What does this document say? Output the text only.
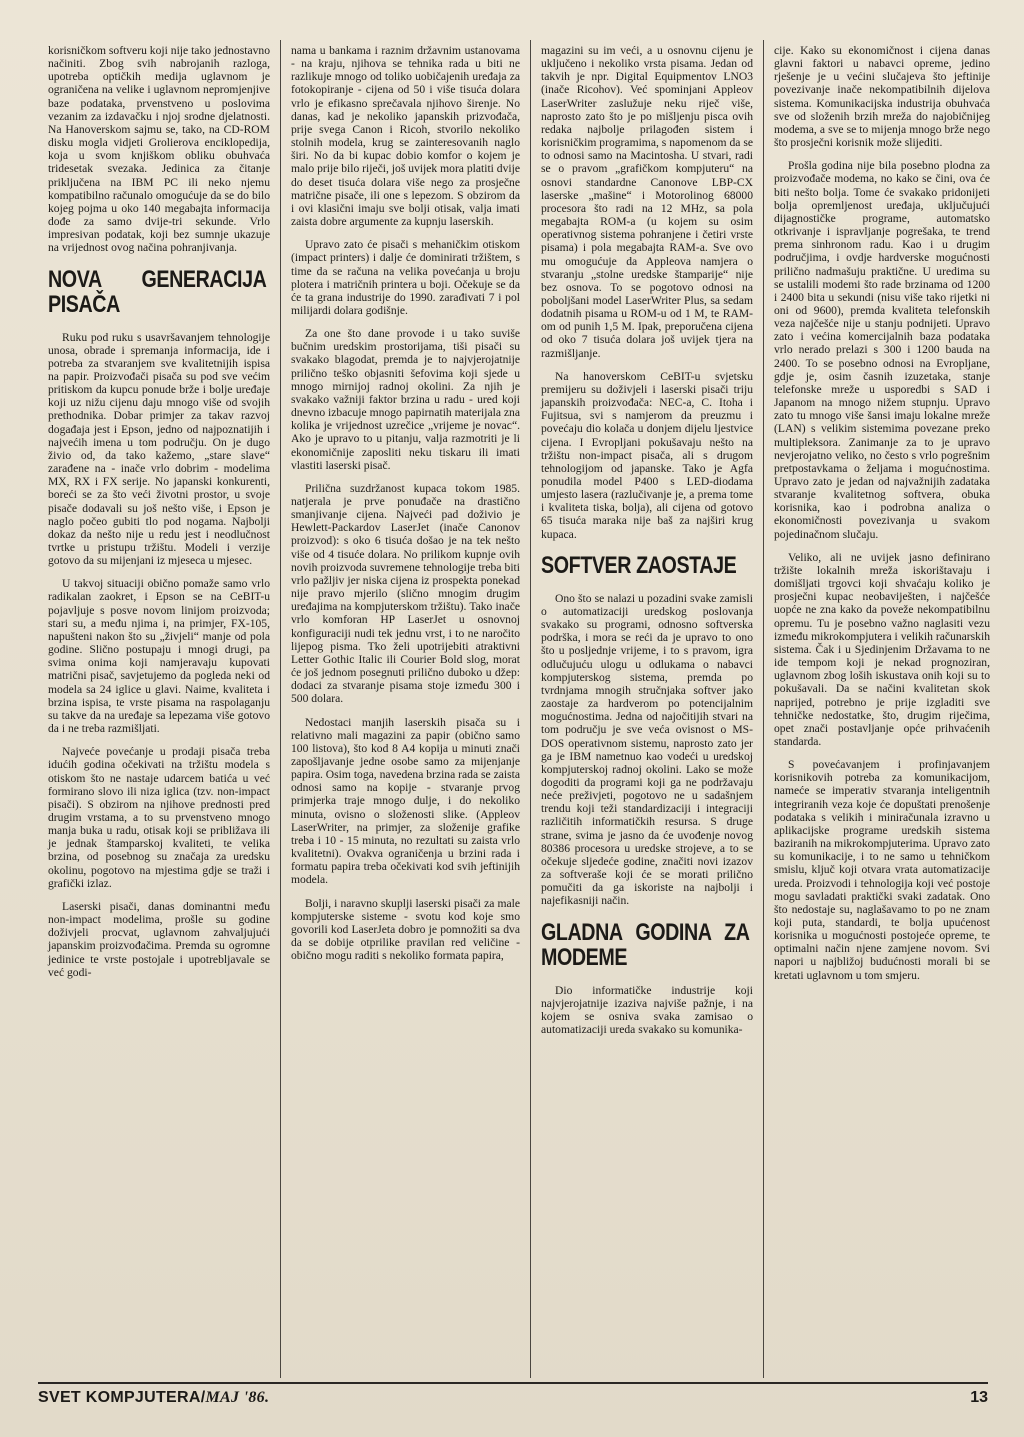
korisničkom softveru koji nije tako jednostavno načiniti. Zbog svih nabrojanih razloga, upotreba optičkih medija uglavnom je ograničena na velike i uglavnom nepromjenjive baze podataka, prvenstveno u poslovima vezanim za izdavačku i njoj srodne djelatnosti. Na Hanoverskom sajmu se, tako, na CD-ROM disku mogla vidjeti Grolierova enciklopedija, koja u svom knjiškom obliku obuhvaća tridesetak svezaka. Jedinica za čitanje priključena na IBM PC ili neko njemu kompatibilno računalo omogućuje da se do bilo kojeg pojma u oko 140 megabajta informacija dođe za samo dvije-tri sekunde. Vrlo impresivan podatak, koji bez sumnje ukazuje na vrijednost ovog načina pohranjivanja.

NOVA GENERACIJA PISAČA

Ruku pod ruku s usavršavanjem tehnologije unosa, obrade i spremanja informacija, ide i potreba za stvaranjem sve kvalitetnijih ispisa na papir. Proizvođači pisača su pod sve većim pritiskom da kupcu ponude brže i bolje uređaje koji uz nižu cijenu daju mnogo više od svojih prethodnika. Dobar primjer za takav razvoj događaja jest i Epson, jedno od najpoznatijih i najvećih imena u tom području. On je dugo živio od, da tako kažemo, „stare slave“ zarađene na - inače vrlo dobrim - modelima MX, RX i FX serije. No japanski konkurenti, boreći se za što veći životni prostor, u svoje pisače dodavali su još nešto više, i Epson je naglo počeo gubiti tlo pod nogama. Najbolji dokaz da nešto nije u redu jest i neodlučnost tvrtke u pristupu tržištu. Modeli i verzije gotovo da su mijenjani iz mjeseca u mjesec.

U takvoj situaciji obično pomaže samo vrlo radikalan zaokret, i Epson se na CeBIT-u pojavljuje s posve novom linijom proizvoda; stari su, a među njima i, na primjer, FX-105, napušteni nakon što su „živjeli“ manje od pola godine. Slično postupaju i mnogi drugi, pa svima onima koji namjeravaju kupovati matrični pisač, savjetujemo da pogleda neki od modela sa 24 iglice u glavi. Naime, kvaliteta i brzina ispisa, te vrste pisama na raspolaganju su takve da na uređaje sa lepezama više gotovo da i ne treba razmišljati.

Najveće povećanje u prodaji pisača treba idućih godina očekivati na tržištu modela s otiskom što ne nastaje udarcem batića u već formirano slovo ili niza iglica (tzv. non-impact pisači). S obzirom na njihove prednosti pred drugim vrstama, a to su prvenstveno mnogo manja buka u radu, otisak koji se približava ili je jednak štamparskoj kvaliteti, te velika brzina, od posebnog su značaja za uredsku okolinu, pogotovo na mjestima gdje se traži i grafički izlaz.

Laserski pisači, danas dominantni među non-impact modelima, prošle su godine doživjeli procvat, uglavnom zahvaljujući japanskim proizvođačima. Premda su ogromne jedinice te vrste postojale i upotrebljavale se već godi-

nama u bankama i raznim državnim ustanovama - na kraju, njihova se tehnika rada u biti ne razlikuje mnogo od toliko uobičajenih uređaja za fotokopiranje - cijena od 50 i više tisuća dolara vrlo je efikasno sprečavala njihovo širenje. No danas, kad je nekoliko japanskih prizvođača, prije svega Canon i Ricoh, stvorilo nekoliko stolnih modela, krug se zainteresovanih naglo širi. No da bi kupac dobio komfor o kojem je malo prije bilo riječi, još uvijek mora platiti dvije do deset tisuća dolara više nego za prosječne matrične pisače, ili one s lepezom. S obzirom da i ovi klasični imaju sve bolji otisak, valja imati zaista dobre argumente za kupnju laserskih.

Upravo zato će pisači s mehaničkim otiskom (impact printers) i dalje će dominirati tržištem, s time da se računa na velika povećanja u broju plotera i matričnih printera u boji. Očekuje se da će ta grana industrije do 1990. zarađivati 7 i pol milijardi dolara godišnje.

Za one što dane provode i u tako suviše bučnim uredskim prostorijama, tiši pisači su svakako blagodat, premda je to najvjerojatnije prilično teško objasniti šefovima koji sjede u mnogo mirnijoj radnoj okolini. Za njih je svakako važniji faktor brzina u radu - ured koji dnevno izbacuje mnogo papirnatih materijala zna kolika je vrijednost uzrečice „vrijeme je novac“. Ako je upravo to u pitanju, valja razmotriti je li ekonomičnije zaposliti neku tiskaru ili imati vlastiti laserski pisač.

Prilična suzdržanost kupaca tokom 1985. natjerala je prve ponuđače na drastično smanjivanje cijena. Najveći pad doživio je Hewlett-Packardov LaserJet (inače Canonov proizvod): s oko 6 tisuća došao je na tek nešto više od 4 tisuće dolara. No prilikom kupnje ovih novih proizvoda suvremene tehnologije treba biti vrlo pažljiv jer niska cijena iz prospekta ponekad nije pravo mjerilo (slično mnogim drugim uređajima na kompjuterskom tržištu). Tako inače vrlo komforan HP LaserJet u osnovnoj konfiguraciji nudi tek jednu vrst, i to ne naročito lijepog pisma. Tko želi upotrijebiti atraktivni Letter Gothic Italic ili Courier Bold slog, morat će još jednom posegnuti prilično duboko u džep: dodaci za stvaranje pisama stoje između 300 i 500 dolara.

Nedostaci manjih laserskih pisača su i relativno mali magazini za papir (obično samo 100 listova), što kod 8 A4 kopija u minuti znači zapošljavanje jedne osobe samo za mijenjanje papira. Osim toga, navedena brzina rada se zaista odnosi samo na kopije - stvaranje prvog primjerka traje mnogo dulje, i do nekoliko minuta, ovisno o složenosti slike. (Appleov LaserWriter, na primjer, za složenije grafike treba i 10 - 15 minuta, no rezultati su zaista vrlo kvalitetni). Ovakva ograničenja u brzini rada i formatu papira treba očekivati kod svih jeftinijih modela.

Bolji, i naravno skuplji laserski pisači za male kompjuterske sisteme - svotu kod koje smo govorili kod LaserJeta dobro je pomnožiti sa dva da se dobije otprilike pravilan red veličine - obično mogu raditi s nekoliko formata papira,

magazini su im veći, a u osnovnu cijenu je uključeno i nekoliko vrsta pisama. Jedan od takvih je npr. Digital Equipmentov LNO3 (inače Ricohov). Već spominjani Appleov LaserWriter zaslužuje neku riječ više, naprosto zato što je po mišljenju pisca ovih redaka najbolje prilagođen sistem i korisničkim programima, s napomenom da se to odnosi samo na Macintosha. U stvari, radi se o pravom „grafičkom kompjuteru“ na osnovi standardne Canonove LBP-CX laserske „mašine“ i Motorolinog 68000 procesora što radi na 12 MHz, sa pola megabajta ROM-a (u kojem su osim operativnog sistema pohranjene i četiri vrste pisama) i pola megabajta RAM-a. Sve ovo mu omogućuje da Appleova namjera o stvaranju „stolne uredske štamparije“ nije bez osnova. To se pogotovo odnosi na poboljšani model LaserWriter Plus, sa sedam dodatnih pisama u ROM-u od 1 M, te RAM-om od punih 1,5 M. Ipak, preporučena cijena od oko 7 tisuća dolara još uvijek tjera na razmišljanje.

Na hanoverskom CeBIT-u svjetsku premijeru su doživjeli i laserski pisači triju japanskih proizvođača: NEC-a, C. Itoha i Fujitsua, svi s namjerom da preuzmu i povećaju dio kolača u donjem dijelu ljestvice cijena. I Evropljani pokušavaju nešto na tržištu non-impact pisača, ali s drugom tehnologijom od japanske. Tako je Agfa ponudila model P400 s LED-diodama umjesto lasera (razlučivanje je, a prema tome i kvaliteta tiska, bolja), ali cijena od gotovo 65 tisuća maraka nije baš za najširi krug kupaca.

SOFTVER ZAOSTAJE

Ono što se nalazi u pozadini svake zamisli o automatizaciji uredskog poslovanja svakako su programi, odnosno softverska podrška, i mora se reći da je upravo to ono što u posljednje vrijeme, i to s pravom, igra odlučujuću ulogu u odlukama o nabavci kompjuterskog sistema, premda po tvrdnjama mnogih stručnjaka softver jako zaostaje za hardverom po potencijalnim mogućnostima. Jedna od najočitijih stvari na tom području je sve veća ovisnost o MS-DOS operativnom sistemu, naprosto zato jer ga je IBM nametnuo kao vodeći u uredskoj kompjuterskoj radnoj okolini. Lako se može dogoditi da programi koji ga ne podržavaju neće preživjeti, pogotovo ne u sadašnjem trendu koji teži standardizaciji i integraciji različitih informatičkih resursa. S druge strane, svima je jasno da će uvođenje novog 80386 procesora u uredske strojeve, a to se očekuje sljedeće godine, značiti novi izazov za softveraše koji će se morati prilično pomučiti da ga iskoriste na najbolji i najefikasniji način.

GLADNA GODINA ZA MODEME

Dio informatičke industrije koji najvjerojatnije izaziva najviše pažnje, i na kojem se osniva svaka zamisao o automatizaciji ureda svakako su komunika-

cije. Kako su ekonomičnost i cijena danas glavni faktori u nabavci opreme, jedino rješenje je u većini slučajeva što jeftinije povezivanje inače nekompatibilnih dijelova sistema. Komunikacijska industrija obuhvaća sve od složenih brzih mreža do najobičnijeg modema, a sve se to mijenja mnogo brže nego što prosječni korisnik može slijediti.

Prošla godina nije bila posebno plodna za proizvođače modema, no kako se čini, ova će biti nešto bolja. Tome će svakako pridonijeti bolja opremljenost uređaja, uključujući dijagnostičke programe, automatsko otkrivanje i ispravljanje pogrešaka, te trend prema sinhronom radu. Kao i u drugim područjima, i ovdje hardverske mogućnosti prilično nadmašuju praktične. U uredima su se ustalili modemi što rade brzinama od 1200 i 2400 bita u sekundi (nisu više tako rijetki ni oni od 9600), premda kvaliteta telefonskih veza najčešće nije u stanju podnijeti. Upravo zato i većina komercijalnih baza podataka vrlo nerado prelazi s 300 i 1200 bauda na 2400. To se posebno odnosi na Evropljane, gdje je, osim časnih izuzetaka, stanje telefonske mreže u usporedbi s SAD i Japanom na mnogo nižem stupnju. Upravo zato tu mnogo više šansi imaju lokalne mreže (LAN) s velikim sistemima povezane preko multipleksora. Zanimanje za to je upravo nevjerojatno veliko, no često s vrlo pogrešnim pretpostavkama o željama i mogućnostima. Upravo zato je jedan od najvažnijih zadataka stvaranje kvalitetnog softvera, obuka korisnika, kao i podrobna analiza o ekonomičnosti povezivanja u svakom pojedinačnom slučaju.

Veliko, ali ne uvijek jasno definirano tržište lokalnih mreža iskorištavaju i domišljati trgovci koji shvaćaju koliko je prosječni kupac neobaviješten, i najčešće uopće ne zna kako da poveže nekompatibilnu opremu. Tu je posebno važno naglasiti vezu između mikrokompjutera i velikih računarskih sistema. Čak i u Sjedinjenim Državama to ne ide tempom koji je nekad prognoziran, uglavnom zbog loših iskustava onih koji su to pokušavali. Da se načini kvalitetan skok naprijed, potrebno je prije izgladiti sve tehničke nedostatke, što, drugim riječima, opet znači postavljanje opće prihvaćenih standarda.

S povećavanjem i profinjavanjem korisnikovih potreba za komunikacijom, nameće se imperativ stvaranja inteligentnih integriranih veza koje će dopuštati prenošenje podataka s velikih i miniračunala izravno u aplikacijske programe uredskih sistema baziranih na mikrokompjuterima. Upravo zato su komunikacije, i to ne samo u tehničkom smislu, ključ koji otvara vrata automatizacije ureda. Proizvodi i tehnologija koji već postoje mogu savladati praktički svaki zadatak. Ono što nedostaje su, naglašavamo to po ne znam koji puta, standardi, te bolja upućenost korisnika u mogućnosti postojeće opreme, te optimalni način njene zamjene novom. Svi napori u najbližoj budućnosti morali bi se kretati uglavnom u tom smjeru.

SVET KOMPJUTERA/MAJ '86.	13
